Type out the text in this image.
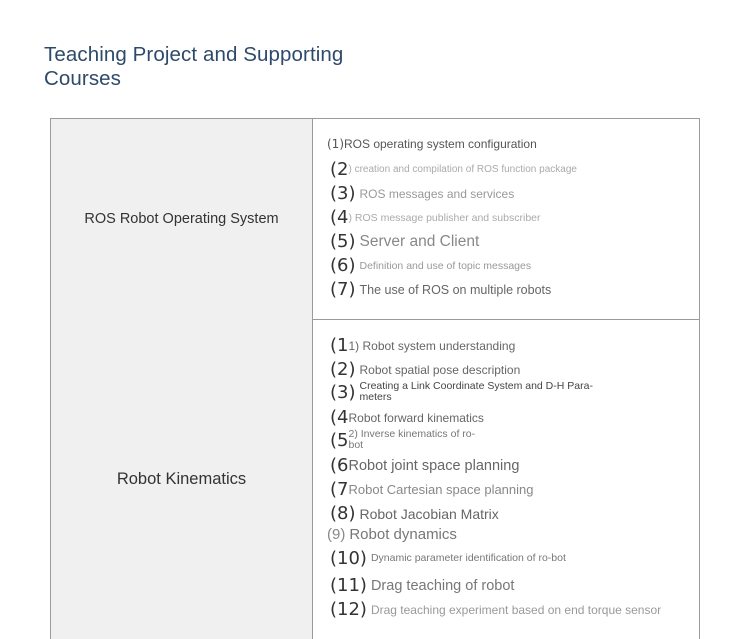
Teaching Project and Supporting Courses
ROS Robot Operating System
(1) ROS operating system configuration
(2 ) creation and compilation of ROS function package
(3) ROS messages and services
(4 ) ROS message publisher and subscriber
(5) Server and Client
(6) Definition and use of topic messages
(7) The use of ROS on multiple robots
Robot Kinematics
(1 1) Robot system understanding
(2) Robot spatial pose description
(3) Creating a Link Coordinate System and D-H Para-meters
(4 Robot forward kinematics
(5 2) Inverse kinematics of ro-bot
(6 Robot joint space planning
(7 Robot Cartesian space planning
(8) Robot Jacobian Matrix
(9) Robot dynamics
(10) Dynamic parameter identification of ro-bot
(11) Drag teaching of robot
(12) Drag teaching experiment based on end torque sensor
